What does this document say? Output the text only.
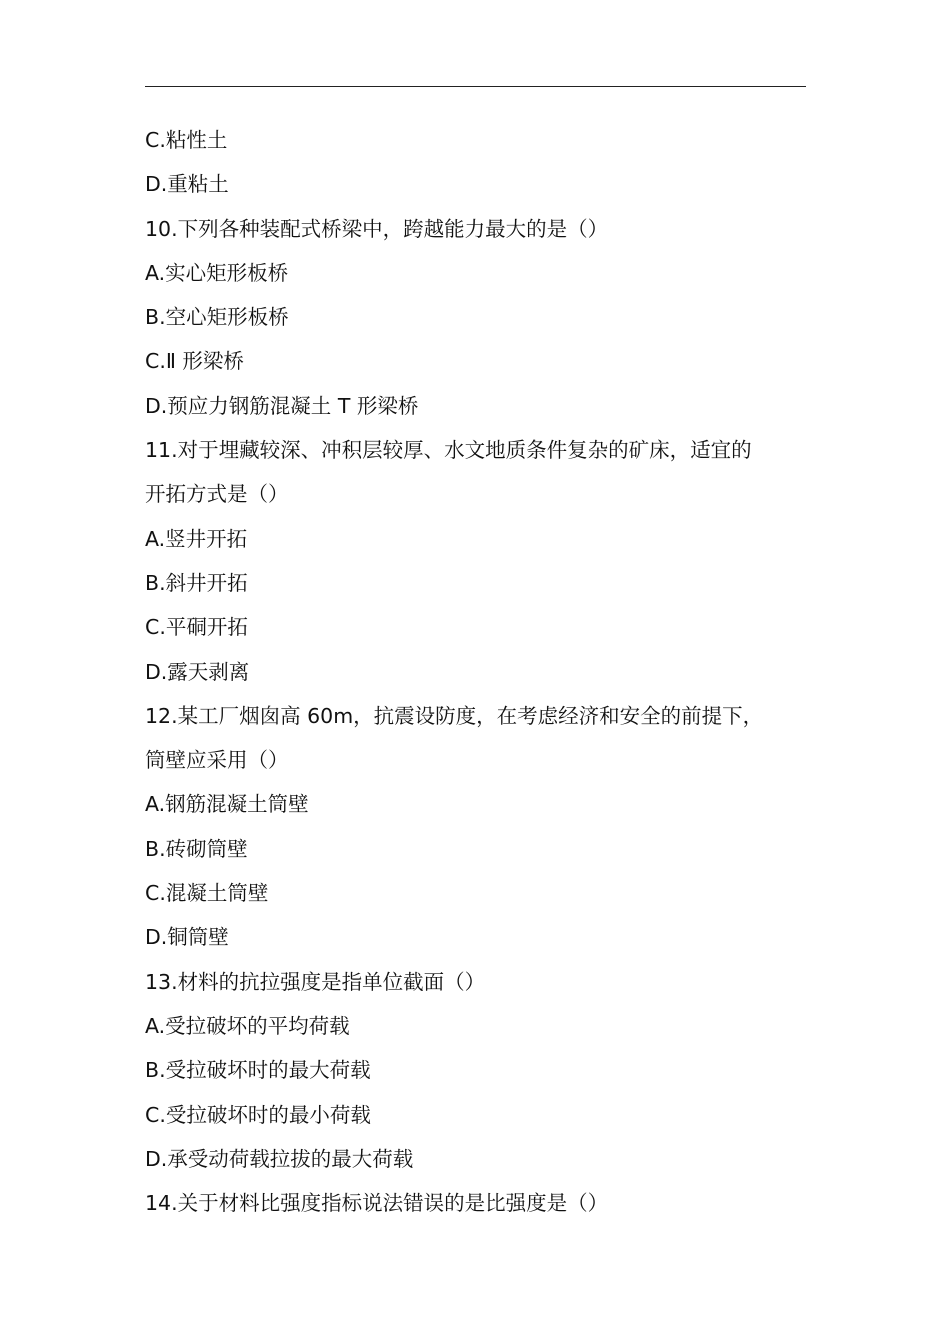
C.粘性土
D.重粘土
10.下列各种装配式桥梁中，跨越能力最大的是（）
A.实心矩形板桥
B.空心矩形板桥
C.Ⅱ 形梁桥
D.预应力钢筋混凝土 T 形梁桥
11.对于埋藏较深、冲积层较厚、水文地质条件复杂的矿床，适宜的
开拓方式是（）
A.竖井开拓
B.斜井开拓
C.平硐开拓
D.露天剥离
12.某工厂烟囱高 60m，抗震设防度，在考虑经济和安全的前提下，
筒壁应采用（）
A.钢筋混凝土筒壁
B.砖砌筒壁
C.混凝土筒壁
D.铜筒壁
13.材料的抗拉强度是指单位截面（）
A.受拉破坏的平均荷载
B.受拉破坏时的最大荷载
C.受拉破坏时的最小荷载
D.承受动荷载拉拔的最大荷载
14.关于材料比强度指标说法错误的是比强度是（）
